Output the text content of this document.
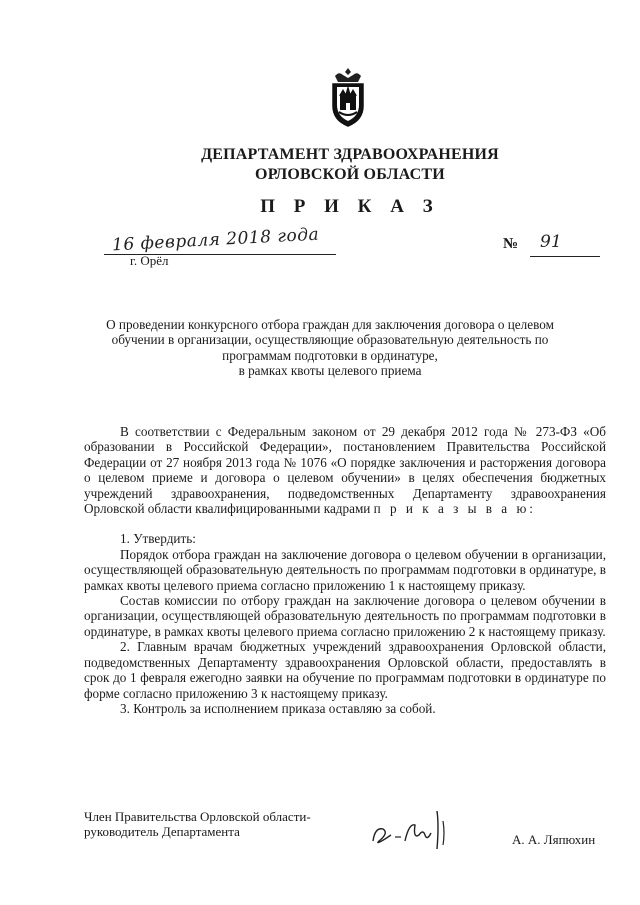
ДЕПАРТАМЕНТ ЗДРАВООХРАНЕНИЯ
ОРЛОВСКОЙ ОБЛАСТИ
П Р И К А З
16 февраля 2018 года
г. Орёл
№ 91
О проведении конкурсного отбора граждан для заключения договора о целевом
обучении в организации, осуществляющие образовательную деятельность по
программам подготовки в ординатуре,
в рамках квоты целевого приема

В соответствии с Федеральным законом от 29 декабря 2012 года № 273-ФЗ «Об образовании в Российской Федерации», постановлением Правительства Российской Федерации от 27 ноября 2013 года № 1076 «О порядке заключения и расторжения договора о целевом приеме и договора о целевом обучении» в целях обеспечения бюджетных учреждений здравоохранения, подведомственных Департаменту здравоохранения Орловской области квалифицированными кадрами п р и к а з ы в а ю:

1. Утвердить:

Порядок отбора граждан на заключение договора о целевом обучении в организации, осуществляющей образовательную деятельность по программам подготовки в ординатуре, в рамках квоты целевого приема согласно приложению 1 к настоящему приказу.

Состав комиссии по отбору граждан на заключение договора о целевом обучении в организации, осуществляющей образовательную деятельность по программам подготовки в ординатуре, в рамках квоты целевого приема согласно приложению 2 к настоящему приказу.

2. Главным врачам бюджетных учреждений здравоохранения Орловской области, подведомственных Департаменту здравоохранения Орловской области, предоставлять в срок до 1 февраля ежегодно заявки на обучение по программам подготовки в ординатуре по форме согласно приложению 3 к настоящему приказу.

3. Контроль за исполнением приказа оставляю за собой.

Член Правительства Орловской области-
руководитель Департамента
А. А. Ляпюхин
